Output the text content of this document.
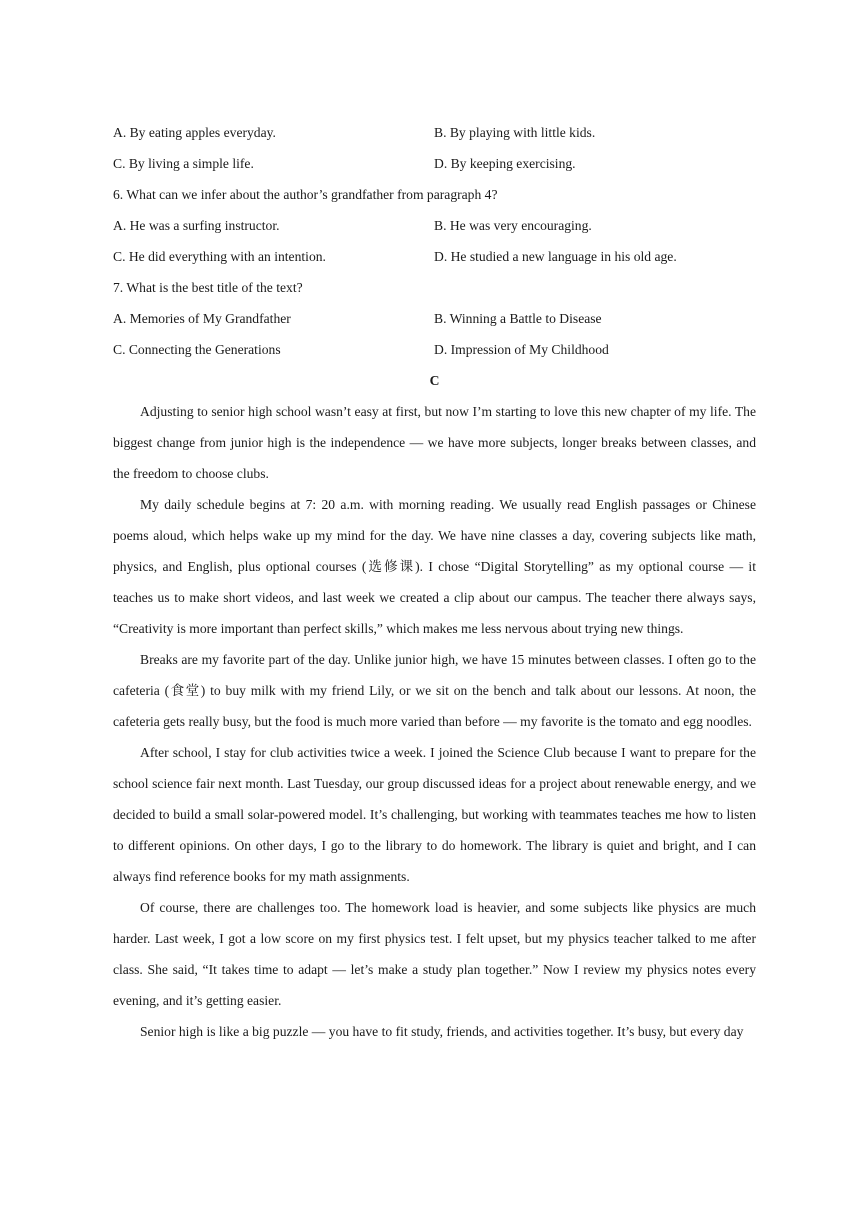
A. By eating apples everyday.	B. By playing with little kids.
C. By living a simple life.	D. By keeping exercising.
6. What can we infer about the author’s grandfather from paragraph 4?
A. He was a surfing instructor.	B. He was very encouraging.
C. He did everything with an intention.	D. He studied a new language in his old age.
7. What is the best title of the text?
A. Memories of My Grandfather	B. Winning a Battle to Disease
C. Connecting the Generations	D. Impression of My Childhood
C

Adjusting to senior high school wasn’t easy at first, but now I’m starting to love this new chapter of my life. The biggest change from junior high is the independence — we have more subjects, longer breaks between classes, and the freedom to choose clubs.

My daily schedule begins at 7: 20 a.m. with morning reading. We usually read English passages or Chinese poems aloud, which helps wake up my mind for the day. We have nine classes a day, covering subjects like math, physics, and English, plus optional courses (选修课). I chose “Digital Storytelling” as my optional course — it teaches us to make short videos, and last week we created a clip about our campus. The teacher there always says, “Creativity is more important than perfect skills,” which makes me less nervous about trying new things.

Breaks are my favorite part of the day. Unlike junior high, we have 15 minutes between classes. I often go to the cafeteria (食堂) to buy milk with my friend Lily, or we sit on the bench and talk about our lessons. At noon, the cafeteria gets really busy, but the food is much more varied than before — my favorite is the tomato and egg noodles.

After school, I stay for club activities twice a week. I joined the Science Club because I want to prepare for the school science fair next month. Last Tuesday, our group discussed ideas for a project about renewable energy, and we decided to build a small solar-powered model. It’s challenging, but working with teammates teaches me how to listen to different opinions. On other days, I go to the library to do homework. The library is quiet and bright, and I can always find reference books for my math assignments.

Of course, there are challenges too. The homework load is heavier, and some subjects like physics are much harder. Last week, I got a low score on my first physics test. I felt upset, but my physics teacher talked to me after class. She said, “It takes time to adapt — let’s make a study plan together.” Now I review my physics notes every evening, and it’s getting easier.

Senior high is like a big puzzle — you have to fit study, friends, and activities together. It’s busy, but every day
